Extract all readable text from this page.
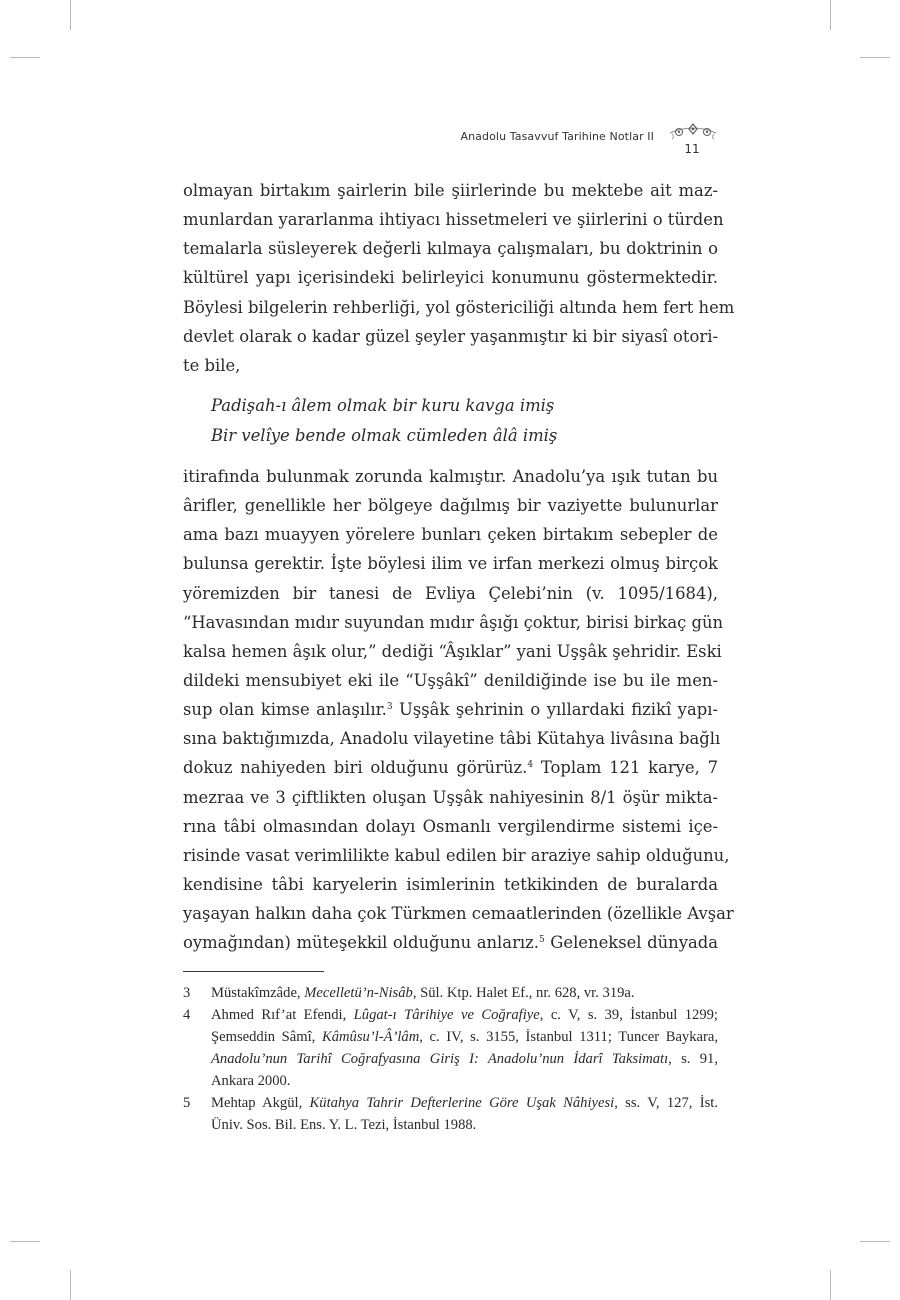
Anadolu Tasavvuf Tarihine Notlar II
11
olmayan birtakım şairlerin bile şiirlerinde bu mektebe ait maz-
munlardan yararlanma ihtiyacı hissetmeleri ve şiirlerini o türden
temalarla süsleyerek değerli kılmaya çalışmaları, bu doktrinin o
kültürel yapı içerisindeki belirleyici konumunu göstermektedir.
Böylesi bilgelerin rehberliği, yol göstericiliği altında hem fert hem
devlet olarak o kadar güzel şeyler yaşanmıştır ki bir siyasî otori-
te bile,
Padişah-ı âlem olmak bir kuru kavga imiş
Bir velîye bende olmak cümleden âlâ imiş
itirafında bulunmak zorunda kalmıştır. Anadolu’ya ışık tutan bu
ârifler, genellikle her bölgeye dağılmış bir vaziyette bulunurlar
ama bazı muayyen yörelere bunları çeken birtakım sebepler de
bulunsa gerektir. İşte böylesi ilim ve irfan merkezi olmuş birçok
yöremizden bir tanesi de Evliya Çelebi’nin (v. 1095/1684),
“Havasından mıdır suyundan mıdır âşığı çoktur, birisi birkaç gün
kalsa hemen âşık olur,” dediği “Âşıklar” yani Uşşâk şehridir. Eski
dildeki mensubiyet eki ile “Uşşâkî” denildiğinde ise bu ile men-
sup olan kimse anlaşılır.$^3$ Uşşâk şehrinin o yıllardaki fizikî yapı-
sına baktığımızda, Anadolu vilayetine tâbi Kütahya livâsına bağlı
dokuz nahiyeden biri olduğunu görürüz.$^4$ Toplam 121 karye, 7
mezraa ve 3 çiftlikten oluşan Uşşâk nahiyesinin 8/1 öşür mikta-
rına tâbi olmasından dolayı Osmanlı vergilendirme sistemi içe-
risinde vasat verimlilikte kabul edilen bir araziye sahip olduğunu,
kendisine tâbi karyelerin isimlerinin tetkikinden de buralarda
yaşayan halkın daha çok Türkmen cemaatlerinden (özellikle Avşar
oymağından) müteşekkil olduğunu anlarız.$^5$ Geleneksel dünyada
3 Müstakîmzâde, Mecelletü’n-Nisâb, Sül. Ktp. Halet Ef., nr. 628, vr. 319a.
4 Ahmed Rıf’at Efendi, Lûgat-ı Târihiye ve Coğrafiye, c. V, s. 39, İstanbul 1299;
Şemseddin Sâmî, Kâmûsu’l-Â’lâm, c. IV, s. 3155, İstanbul 1311; Tuncer Baykara,
Anadolu’nun Tarihî Coğrafyasına Giriş I: Anadolu’nun İdarî Taksimatı, s. 91,
Ankara 2000.
5 Mehtap Akgül, Kütahya Tahrir Defterlerine Göre Uşak Nâhiyesi, ss. V, 127, İst.
Üniv. Sos. Bil. Ens. Y. L. Tezi, İstanbul 1988.
